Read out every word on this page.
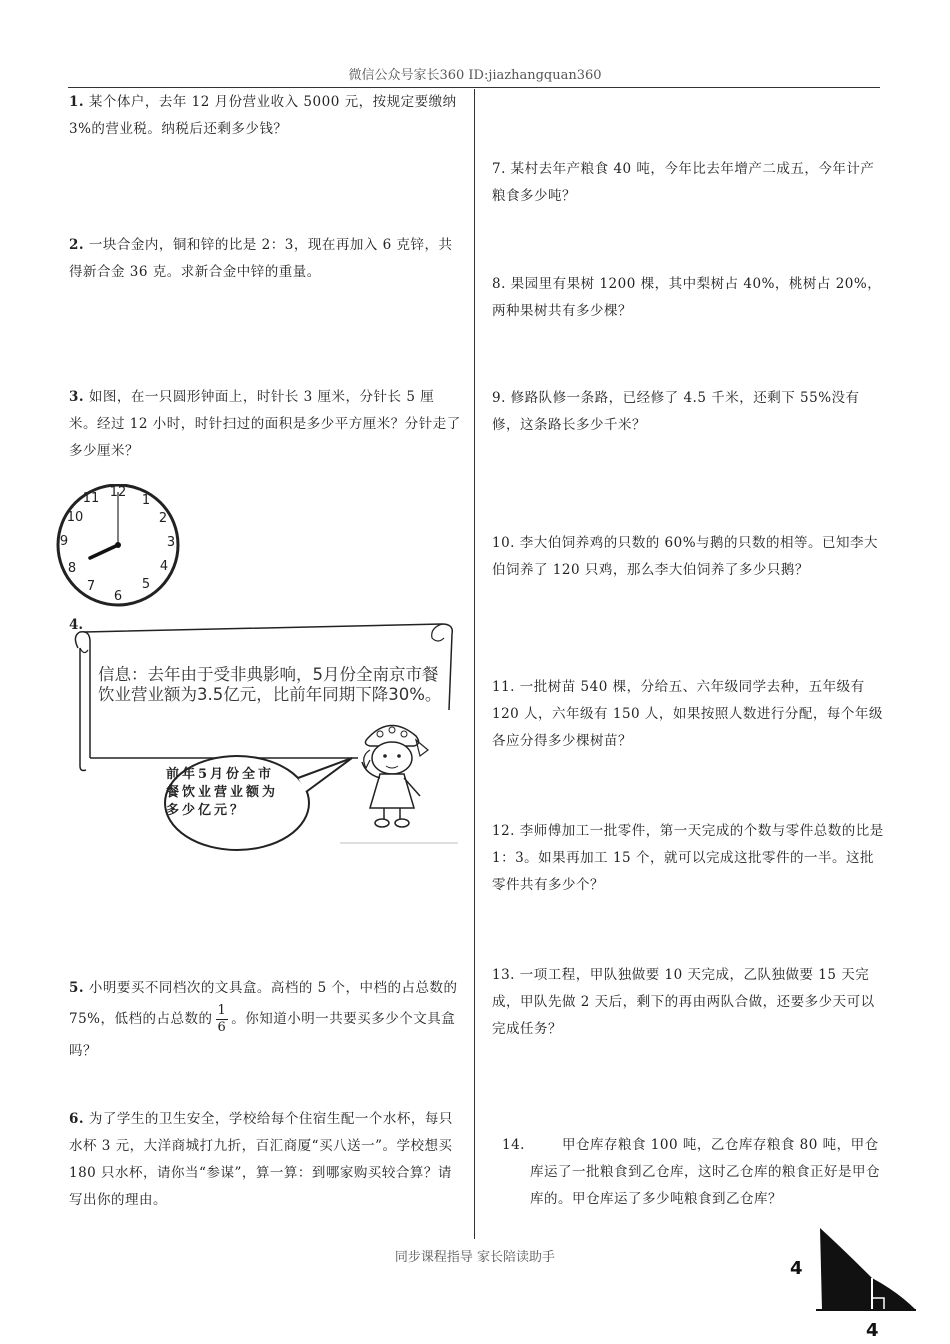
微信公众号家长360 ID:jiazhangquan360
1. 某个体户，去年 12 月份营业收入 5000 元，按规定要缴纳 3%的营业税。纳税后还剩多少钱？
2. 一块合金内，铜和锌的比是 2：3，现在再加入 6 克锌，共得新合金 36 克。求新合金中锌的重量。
3. 如图，在一只圆形钟面上，时针长 3 厘米，分针长 5 厘米。经过 12 小时，时针扫过的面积是多少平方厘米？分针走了多少厘米？
12
1
2
3
4
5
6
7
8
9
10
11
4.
信息：去年由于受非典影响，5月份全南京市餐饮业营业额为3.5亿元，比前年同期下降30%。
前年5月份全市餐饮业营业额为多少亿元？
5. 小明要买不同档次的文具盒。高档的 5 个，中档的占总数的 75%，低档的占总数的 $\frac{1}{6}$ 。你知道小明一共要买多少个文具盒吗？
6. 为了学生的卫生安全，学校给每个住宿生配一个水杯，每只水杯 3 元，大洋商城打九折，百汇商厦“买八送一”。学校想买 180 只水杯，请你当“参谋”，算一算：到哪家购买较合算？请写出你的理由。
7. 某村去年产粮食 40 吨，今年比去年增产二成五，今年计产粮食多少吨？
8. 果园里有果树 1200 棵，其中梨树占 40%，桃树占 20%，两种果树共有多少棵？
9. 修路队修一条路，已经修了 4.5 千米，还剩下 55%没有修，这条路长多少千米？
10. 李大伯饲养鸡的只数的 60%与鹅的只数的相等。已知李大伯饲养了 120 只鸡，那么李大伯饲养了多少只鹅？
11. 一批树苗 540 棵，分给五、六年级同学去种，五年级有 120 人，六年级有 150 人，如果按照人数进行分配，每个年级各应分得多少棵树苗？
12. 李师傅加工一批零件，第一天完成的个数与零件总数的比是 1：3。如果再加工 15 个，就可以完成这批零件的一半。这批零件共有多少个？
13. 一项工程，甲队独做要 10 天完成，乙队独做要 15 天完成，甲队先做 2 天后，剩下的再由两队合做，还要多少天可以完成任务？
14.	甲仓库存粮食 100 吨，乙仓库存粮食 80 吨，甲仓库运了一批粮食到乙仓库，这时乙仓库的粮食正好是甲仓库的。甲仓库运了多少吨粮食到乙仓库？
同步课程指导 家长陪读助手
4
4
